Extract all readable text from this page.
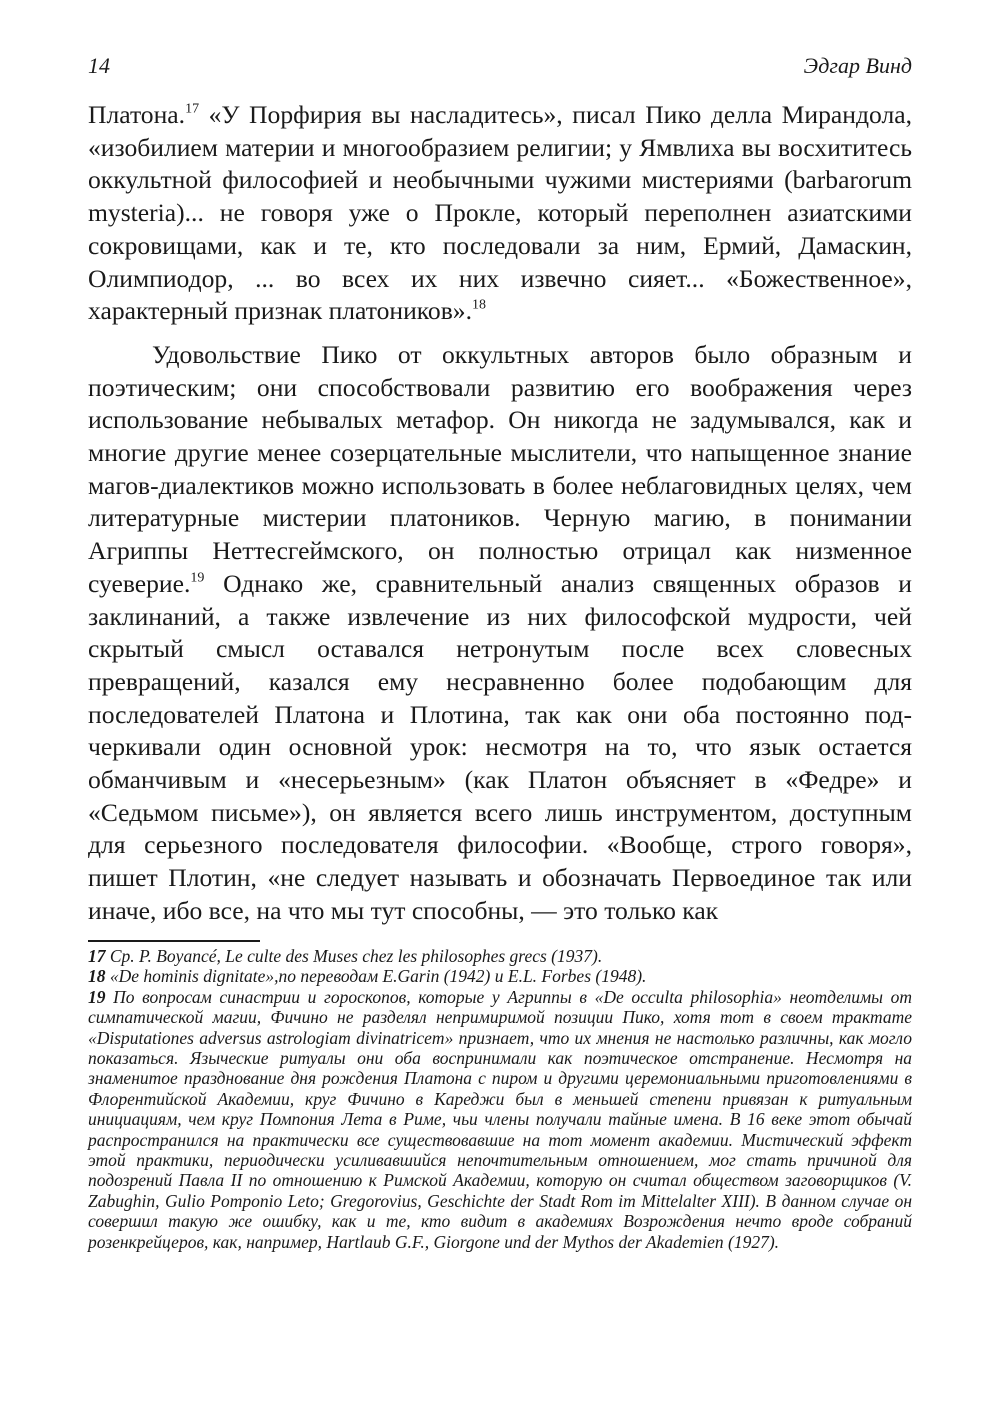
14	Эдгар Винд

Платона.$^{17}$ «У Порфирия вы насладитесь», писал Пико делла Мирандола, «изобилием материи и многообразием религии; у Ямвлиха вы восхититесь оккультной философией и необычными чужими мистериями (barbarorum mysteria)... не говоря уже о Прокле, который переполнен азиатскими сокровищами, как и те, кто последовали за ним, Ермий, Дамаскин, Олимпиодор, ... во всех их них извечно сияет... «Божественное», характерный признак платоников».$^{18}$

Удовольствие Пико от оккультных авторов было образным и поэтическим; они способствовали развитию его воображения через использование небывалых метафор. Он никогда не задумывался, как и многие другие менее созерцательные мыслители, что напыщенное знание магов-диалектиков можно использовать в более неблаговидных целях, чем литературные мистерии платоников. Черную магию, в понимании Агриппы Неттесгеймского, он полностью отрицал как низменное суеверие.$^{19}$ Однако же, сравнительный анализ священных образов и заклинаний, а также извлечение из них философской мудрости, чей скрытый смысл оставался нетронутым после всех словесных превращений, казался ему несравненно более подобающим для последователей Платона и Плотина, так как они оба постоянно подчеркивали один основной урок: несмотря на то, что язык остается обманчивым и «несерьезным» (как Платон объясняет в «Федре» и «Седьмом письме»), он является всего лишь инструментом, доступным для серьезного последователя философии. «Вообще, строго говоря», пишет Плотин, «не следует называть и обозначать Первоединое так или иначе, ибо все, на что мы тут способны, — это только как

17 Ср. P. Boyancé, Le culte des Muses chez les philosophes grecs (1937).

18 «De hominis dignitate»,по переводам E.Garin (1942) и E.L. Forbes (1948).

19 По вопросам синастрии и гороскопов, которые у Агриппы в «De occulta philosophia» неотделимы от симпатической магии, Фичино не разделял непримиримой позиции Пико, хотя тот в своем трактате «Disputationes adversus astrologiam divinatricem» признает, что их мнения не настолько различны, как могло показаться. Языческие ритуалы они оба воспринимали как поэтическое отстранение. Несмотря на знаменитое празднование дня рождения Платона с пиром и другими церемониальными приготовлениями в Флорентийской Академии, круг Фичино в Кареджи был в меньшей степени привязан к ритуальным инициациям, чем круг Помпония Лета в Риме, чьи члены получали тайные имена. В 16 веке этот обычай распространился на практически все существовавшие на тот момент академии. Мистический эффект этой практики, периодически усиливавшийся непочтительным отношением, мог стать причиной для подозрений Павла II по отношению к Римской Академии, которую он считал обществом заговорщиков (V. Zabughin, Gulio Pomponio Leto; Gregorovius, Geschichte der Stadt Rom im Mittelalter XIII). В данном случае он совершил такую же ошибку, как и те, кто видит в академиях Возрождения нечто вроде собраний розенкрейцеров, как, например, Hartlaub G.F., Giorgone und der Mythos der Akademien (1927).
